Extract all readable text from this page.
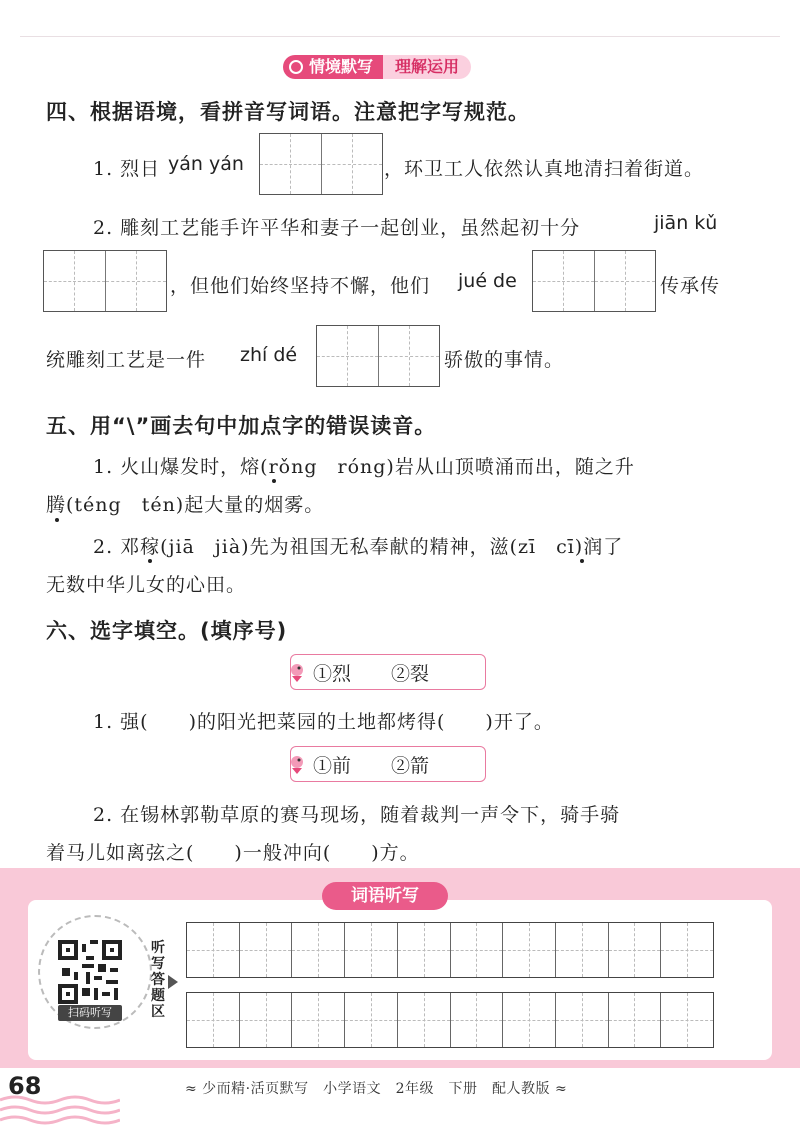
情境默写	理解运用
四、根据语境，看拼音写词语。注意把字写规范。
1. 烈日 yán yán	，环卫工人依然认真地清扫着街道。
2. 雕刻工艺能手许平华和妻子一起创业，虽然起初十分	jiān kǔ
，但他们始终坚持不懈，他们 jué de	传承传
统雕刻工艺是一件 zhí dé	骄傲的事情。
五、用“\”画去句中加点字的错误读音。
1. 火山爆发时，熔(rǒng　róng)岩从山顶喷涌而出，随之升
腾(téng　tén)起大量的烟雾。
2. 邓稼(jiā　jià)先为祖国无私奉献的精神，滋(zī　cī)润了
无数中华儿女的心田。
六、选字填空。(填序号)
①烈 ②裂
1. 强(　　)的阳光把菜园的土地都烤得(　　)开了。
①前 ②箭
2. 在锡林郭勒草原的赛马现场，随着裁判一声令下，骑手骑
着马儿如离弦之(　　)一般冲向(　　)方。
词语听写
扫码听写
听写答题区
68	≈ 少而精·活页默写　小学语文　2年级　下册　配人教版 ≈
